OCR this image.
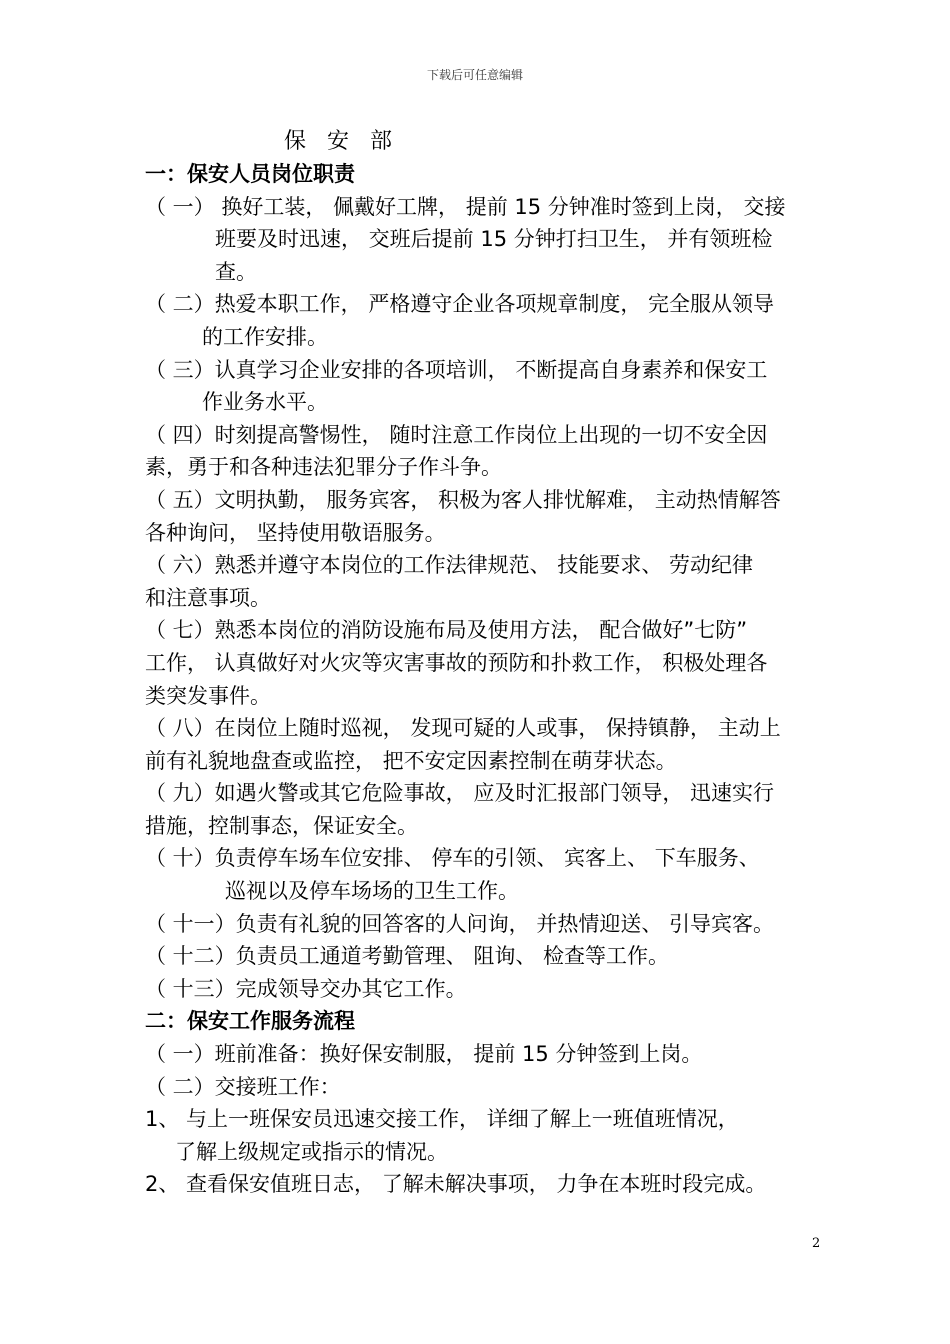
下载后可任意编辑
保 安 部
一：保安人员岗位职责
（ 一） 换好工装， 佩戴好工牌， 提前 15 分钟准时签到上岗， 交接
班要及时迅速， 交班后提前 15 分钟打扫卫生， 并有领班检
查。
（ 二）热爱本职工作， 严格遵守企业各项规章制度， 完全服从领导
的工作安排。
（ 三）认真学习企业安排的各项培训， 不断提高自身素养和保安工
作业务水平。
（ 四）时刻提高警惕性， 随时注意工作岗位上出现的一切不安全因
素，勇于和各种违法犯罪分子作斗争。
（ 五）文明执勤， 服务宾客， 积极为客人排忧解难， 主动热情解答
各种询问， 坚持使用敬语服务。
（ 六）熟悉并遵守本岗位的工作法律规范、 技能要求、 劳动纪律
和注意事项。
（ 七）熟悉本岗位的消防设施布局及使用方法， 配合做好”七防”
工作， 认真做好对火灾等灾害事故的预防和扑救工作， 积极处理各
类突发事件。
（ 八）在岗位上随时巡视， 发现可疑的人或事， 保持镇静， 主动上
前有礼貌地盘查或监控， 把不安定因素控制在萌芽状态。
（ 九）如遇火警或其它危险事故， 应及时汇报部门领导， 迅速实行
措施，控制事态，保证安全。
（ 十）负责停车场车位安排、 停车的引领、 宾客上、 下车服务、
巡视以及停车场场的卫生工作。
（ 十一）负责有礼貌的回答客的人问询， 并热情迎送、 引导宾客。
（ 十二）负责员工通道考勤管理、 阻询、 检查等工作。
（ 十三）完成领导交办其它工作。
二：保安工作服务流程
（ 一）班前准备：换好保安制服， 提前 15 分钟签到上岗。
（ 二）交接班工作：
1、 与上一班保安员迅速交接工作， 详细了解上一班值班情况，
了解上级规定或指示的情况。
2、 查看保安值班日志， 了解未解决事项， 力争在本班时段完成。
2
